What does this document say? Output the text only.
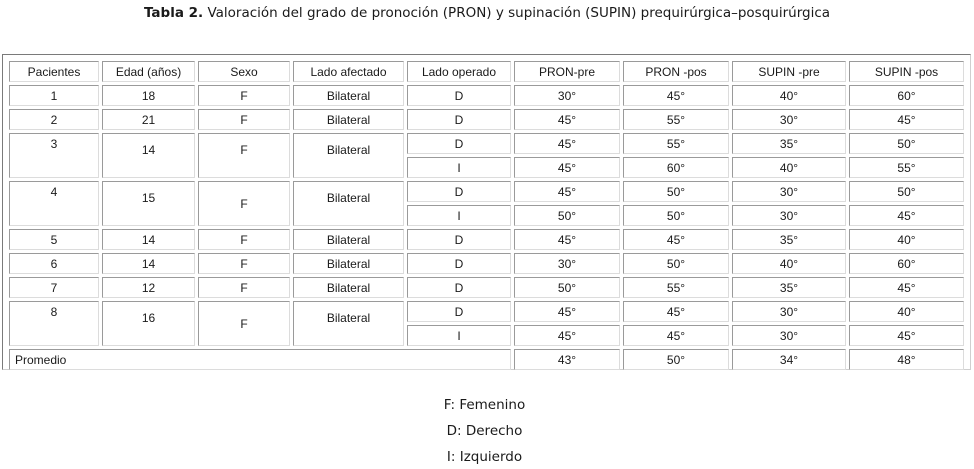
Tabla 2. Valoración del grado de pronoción (PRON) y supinación (SUPIN) prequirúrgica–posquirúrgica
Pacientes	Edad (años)	Sexo	Lado afectado	Lado operado	PRON-pre	PRON -pos	SUPIN -pre	SUPIN -pos
1	18	F	Bilateral	D	30°	45°	40°	60°
2	21	F	Bilateral	D	45°	55°	30°	45°
3	14	F	Bilateral	D	45°	55°	35°	50°
				I	45°	60°	40°	55°
4	15	F	Bilateral	D	45°	50°	30°	50°
				I	50°	50°	30°	45°
5	14	F	Bilateral	D	45°	45°	35°	40°
6	14	F	Bilateral	D	30°	50°	40°	60°
7	12	F	Bilateral	D	50°	55°	35°	45°
8	16	F	Bilateral	D	45°	45°	30°	40°
				I	45°	45°	30°	45°
Promedio					43°	50°	34°	48°
F: Femenino
D: Derecho
I: Izquierdo
